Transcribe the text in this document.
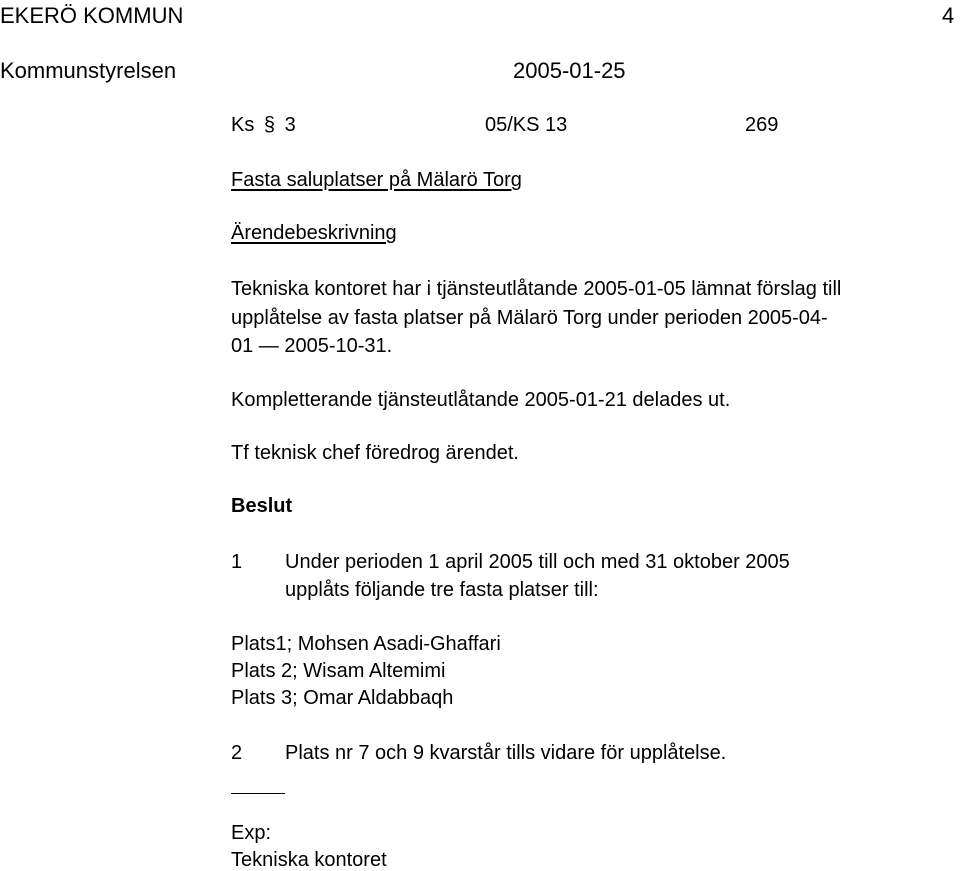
EKERÖ KOMMUN	4
Kommunstyrelsen	2005-01-25
Ks § 3	05/KS 13	269
Fasta saluplatser på Mälarö Torg
Ärendebeskrivning
Tekniska kontoret har i tjänsteutlåtande 2005-01-05 lämnat förslag till
upplåtelse av fasta platser på Mälarö Torg under perioden 2005-04-
01 — 2005-10-31.
Kompletterande tjänsteutlåtande 2005-01-21 delades ut.
Tf teknisk chef föredrog ärendet.
Beslut
1 Under perioden 1 april 2005 till och med 31 oktober 2005
upplåts följande tre fasta platser till:
Plats1; Mohsen Asadi-Ghaffari
Plats 2; Wisam Altemimi
Plats 3; Omar Aldabbaqh
2 Plats nr 7 och 9 kvarstår tills vidare för upplåtelse.
Exp:
Tekniska kontoret
